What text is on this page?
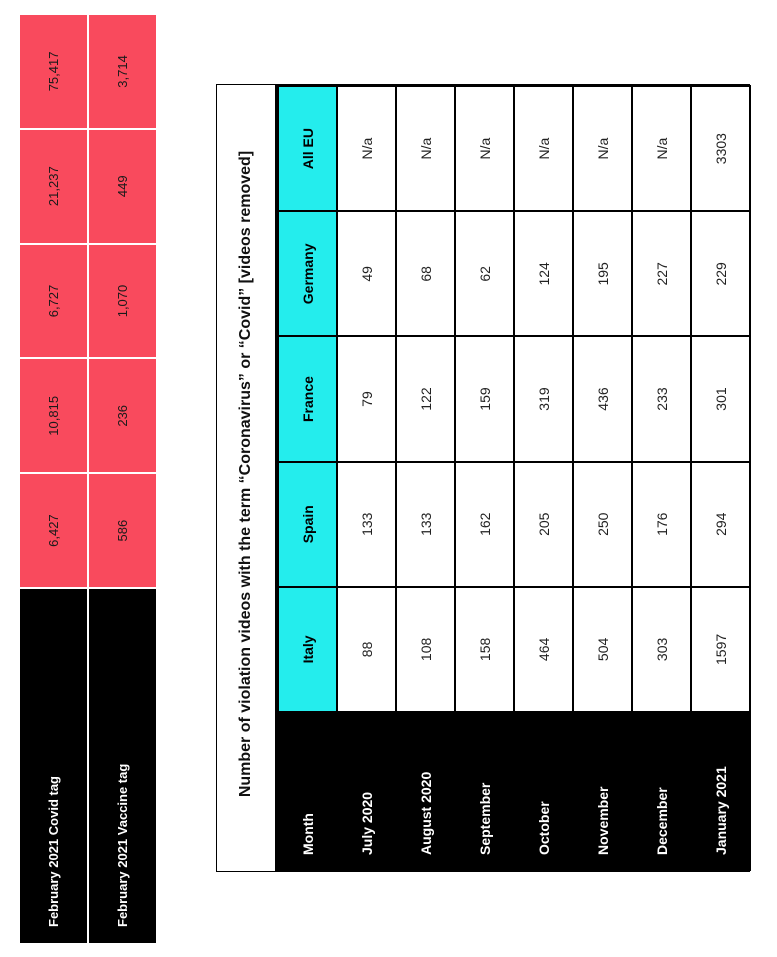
February 2021 Covid tag	6,427	10,815	6,727	21,237	75,417
February 2021 Vaccine tag	586	236	1,070	449	3,714
Number of violation videos with the term “Coronavirus” or “Covid” [videos removed]
Month	Italy	Spain	France	Germany	All EU
July 2020	88	133	79	49	N/a
August 2020	108	133	122	68	N/a
September	158	162	159	62	N/a
October	464	205	319	124	N/a
November	504	250	436	195	N/a
December	303	176	233	227	N/a
January 2021	1597	294	301	229	3303
